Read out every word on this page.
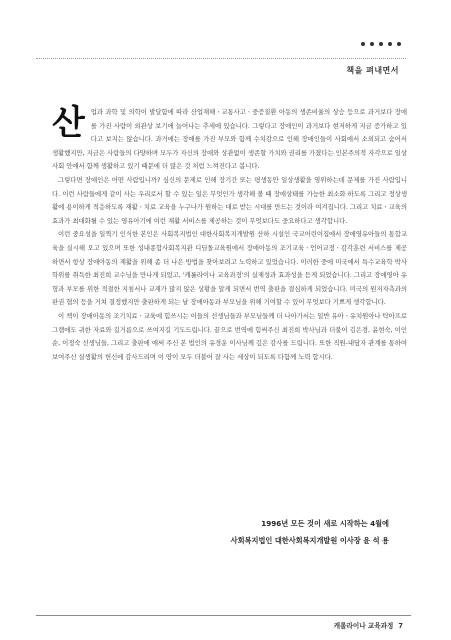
책을 펴내면서

산업과 과학 및 의학이 발달함에 따라 산업재해ㆍ교통사고ㆍ중증질환 아동의 생존비율의 상승 등으로 과거보다 장애를 가진 사람이 외관상 보기에 늘어나는 추세에 있습니다. 그렇다고 장애인이 과거보다 현저하게 지금 증가하고 있다고 보지는 않습니다. 과거에는 장애를 가진 부모와 함께 수치감으로 인해 장애인들이 사회에서 소외되고 숨어서 생활했지만, 지금은 사람들의 다양하며 모두가 자신의 장애와 상관없이 생존할 가치와 권리를 가졌다는 인본주의적 자각으로 일상사회 안에서 함께 생활하고 있기 때문에 더 많은 것 처럼 느껴진다고 봅니다.

그렇다면 장애인은 어떤 사람입니까? 심신의 문제로 인해 장기간 또는 평생동안 일상생활을 영위하는데 문제를 가진 사람입니다. 이런 사람들에게 같이 사는 우리로서 할 수 있는 일은 무엇인가 생각해 볼 때 장애상태를 가능한 최소화 하도록 그리고 정상생활에 용이하게 적응하도록 재활ㆍ치료 교육을 누구나가 원하는 대로 받는 시대를 만드는 것이라 여겨집니다. 그리고 치료ㆍ교육의 효과가 최대화될 수 있는 영유아기에 이런 재활 서비스를 제공하는 것이 무엇보다도 중요하다고 생각합니다.

이런 중요성을 일찍기 인식한 본인은 사회복지법인 대한사회복지개발원 산하 시설인 국교어린이집에서 장애영유아들의 통합교육을 실시해 오고 있으며 또한 성내종합사회복지관 디딤돌교육원에서 장애아동의 조기교육ㆍ언어교정ㆍ감각훈련 서비스를 제공하면서 항상 장애아동의 재활을 위해 좀 더 나은 방법을 찾아보려고 노력하고 있었습니다. 이러한 중에 미국에서 특수교육학 박사학위를 취득한 최진희 교수님을 만나게 되었고, '캐롤라이나 교육과정'의 실제성과 효과성을 듣게 되었습니다. 그리고 장애영아 유형과 부모를 위한 적절한 지침서나 교재가 많지 않은 상황을 알게 되면서 번역 출판을 결심하게 되었습니다. 미국의 원저자측과의 판권 협의 등을 거쳐 결정했지만 출판하게 되는 날 장애아동과 부모님을 위해 기여할 수 있어 무엇보다 기쁘게 생각합니다.

이 책이 장애아동의 조기치료ㆍ교육에 힘쓰시는 이들의 선생님들과 부모님들께 더 나아가서는 일반 유아ㆍ유치원아나 탁아프로그램에도 귀한 자료와 길거름으로 쓰여지길 기도드립니다. 끝으로 번역에 힘써주신 최진희 박사님과 더불어 김은경, 윤현숙, 이인순, 이정숙 선생님들, 그리고 출판에 애써 주신 본 법인의 유경운 이사님께 깊은 감사를 드립니다. 또한 직원-내담자 관계를 통하여 보여주신 실생활의 헌신에 감사드리며 이 땅이 모두 더불어 잘 사는 세상이 되도록 다함께 노력 합시다.

1996년 모든 것이 새로 시작하는 4월에
사회복지법인 대한사회복지개발원 이사장 윤 석 용
캐롤라이나 교육과정 7
